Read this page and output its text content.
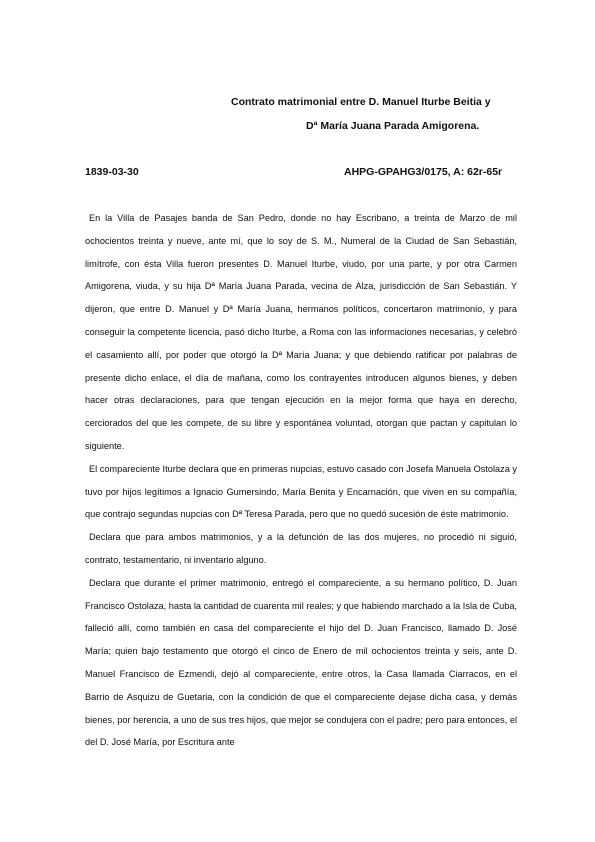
Contrato matrimonial entre D. Manuel Iturbe Beitia y
Dª María Juana Parada Amigorena.
1839-03-30	AHPG-GPAHG3/0175, A: 62r-65r

En la Villa de Pasajes banda de San Pedro, donde no hay Escribano, a treinta de Marzo de mil ochocientos treinta y nueve, ante mí, que lo soy de S. M., Numeral de la Ciudad de San Sebastián, limítrofe, con ésta Villa fueron presentes D. Manuel Iturbe, viudo, por una parte, y por otra Carmen Amigorena, viuda, y su hija Dª María Juana Parada, vecina de Alza, jurisdicción de San Sebastián. Y dijeron, que entre D. Manuel y Dª María Juana, hermanos políticos, concertaron matrimonio, y para conseguir la competente licencia, pasó dicho Iturbe, a Roma con las informaciones necesarias, y celebró el casamiento allí, por poder que otorgó la Dª María Juana; y que debiendo ratificar por palabras de presente dicho enlace, el día de mañana, como los contrayentes introducen algunos bienes, y deben hacer otras declaraciones, para que tengan ejecución en la mejor forma que haya en derecho, cerciorados del que les compete, de su libre y espontánea voluntad, otorgan que pactan y capitulan lo siguiente.

El compareciente Iturbe declara que en primeras nupcias, estuvo casado con Josefa Manuela Ostolaza y tuvo por hijos legítimos a Ignacio Gumersindo, María Benita y Encarnación, que viven en su compañía, que contrajo segundas nupcias con Dª Teresa Parada, pero que no quedó sucesión de éste matrimonio.

Declara que para ambos matrimonios, y a la defunción de las dos mujeres, no procedió ni siguió, contrato, testamentario, ni inventario alguno.

Declara que durante el primer matrimonio, entregó el compareciente, a su hermano político, D. Juan Francisco Ostolaza, hasta la cantidad de cuarenta mil reales; y que habiendo marchado a la Isla de Cuba, falleció allí, como también en casa del compareciente el hijo del D. Juan Francisco, llamado D. José María; quien bajo testamento que otorgó el cinco de Enero de mil ochocientos treinta y seis, ante D. Manuel Francisco de Ezmendi, dejó al compareciente, entre otros, la Casa llamada Ciarracos, en el Barrio de Asquizu de Guetaria, con la condición de que el compareciente dejase dicha casa, y demás bienes, por herencia, a uno de sus tres hijos, que mejor se condujera con el padre; pero para entonces, el del D. José María, por Escritura ante
